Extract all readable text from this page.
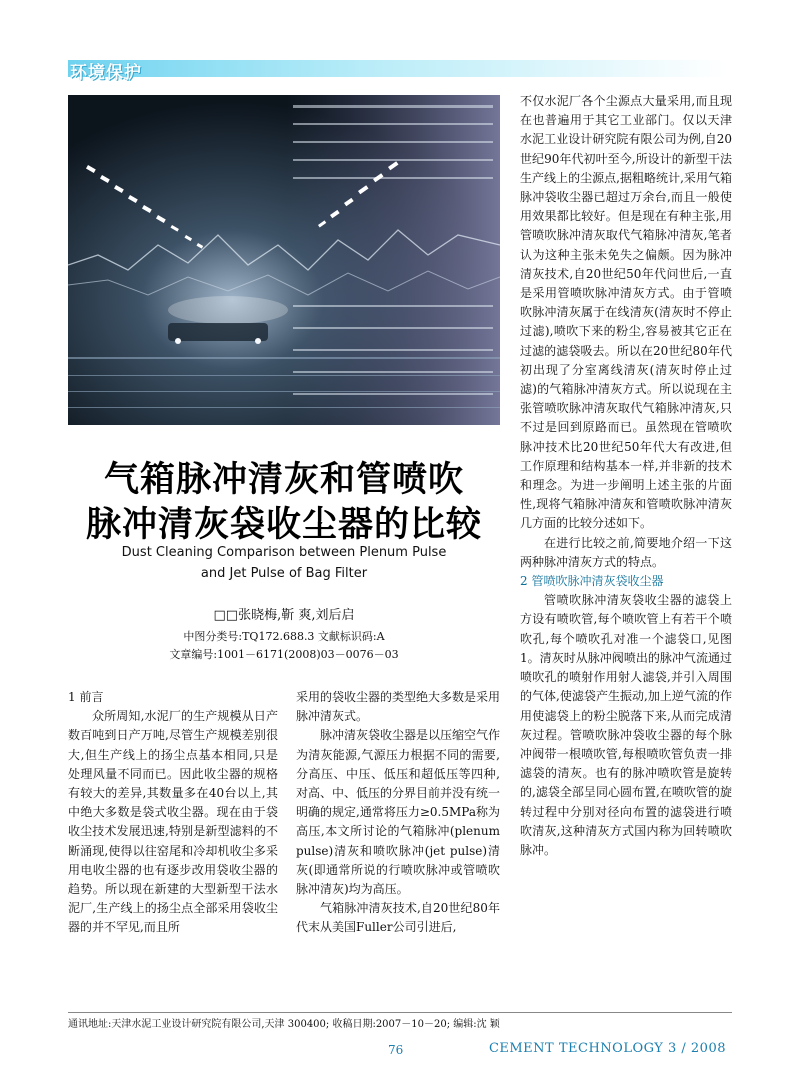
环境保护
气箱脉冲清灰和管喷吹
脉冲清灰袋收尘器的比较
Dust Cleaning Comparison between Plenum Pulse
and Jet Pulse of Bag Filter
□□张晓梅,靳 爽,刘后启
中图分类号:TQ172.688.3 文献标识码:A
文章编号:1001－6171(2008)03－0076－03

1 前言

众所周知,水泥厂的生产规模从日产数百吨到日产万吨,尽管生产规模差别很大,但生产线上的扬尘点基本相同,只是处理风量不同而已。因此收尘器的规格有较大的差异,其数量多在40台以上,其中绝大多数是袋式收尘器。现在由于袋收尘技术发展迅速,特别是新型滤料的不断涌现,使得以往窑尾和冷却机收尘多采用电收尘器的也有逐步改用袋收尘器的趋势。所以现在新建的大型新型干法水泥厂,生产线上的扬尘点全部采用袋收尘器的并不罕见,而且所

采用的袋收尘器的类型绝大多数是采用脉冲清灰式。

脉冲清灰袋收尘器是以压缩空气作为清灰能源,气源压力根据不同的需要,分高压、中压、低压和超低压等四种,对高、中、低压的分界目前并没有统一明确的规定,通常将压力≥0.5MPa称为高压,本文所讨论的气箱脉冲(plenum pulse)清灰和喷吹脉冲(jet pulse)清灰(即通常所说的行喷吹脉冲或管喷吹脉冲清灰)均为高压。

气箱脉冲清灰技术,自20世纪80年代末从美国Fuller公司引进后,

不仅水泥厂各个尘源点大量采用,而且现在也普遍用于其它工业部门。仅以天津水泥工业设计研究院有限公司为例,自20世纪90年代初叶至今,所设计的新型干法生产线上的尘源点,据粗略统计,采用气箱脉冲袋收尘器已超过万余台,而且一般使用效果都比较好。但是现在有种主张,用管喷吹脉冲清灰取代气箱脉冲清灰,笔者认为这种主张未免失之偏颇。因为脉冲清灰技术,自20世纪50年代问世后,一直是采用管喷吹脉冲清灰方式。由于管喷吹脉冲清灰属于在线清灰(清灰时不停止过滤),喷吹下来的粉尘,容易被其它正在过滤的滤袋吸去。所以在20世纪80年代初出现了分室离线清灰(清灰时停止过滤)的气箱脉冲清灰方式。所以说现在主张管喷吹脉冲清灰取代气箱脉冲清灰,只不过是回到原路而已。虽然现在管喷吹脉冲技术比20世纪50年代大有改进,但工作原理和结构基本一样,并非新的技术和理念。为进一步阐明上述主张的片面性,现将气箱脉冲清灰和管喷吹脉冲清灰几方面的比较分述如下。

在进行比较之前,简要地介绍一下这两种脉冲清灰方式的特点。

2 管喷吹脉冲清灰袋收尘器

管喷吹脉冲清灰袋收尘器的滤袋上方设有喷吹管,每个喷吹管上有若干个喷吹孔,每个喷吹孔对准一个滤袋口,见图1。清灰时从脉冲阀喷出的脉冲气流通过喷吹孔的喷射作用射人滤袋,并引入周围的气体,使滤袋产生振动,加上逆气流的作用使滤袋上的粉尘脱落下来,从而完成清灰过程。管喷吹脉冲袋收尘器的每个脉冲阀带一根喷吹管,每根喷吹管负责一排滤袋的清灰。也有的脉冲喷吹管是旋转的,滤袋全部呈同心圆布置,在喷吹管的旋转过程中分别对径向布置的滤袋进行喷吹清灰,这种清灰方式国内称为回转喷吹脉冲。

通讯地址:天津水泥工业设计研究院有限公司,天津 300400; 收稿日期:2007－10－20; 编辑:沈 颖
76	CEMENT TECHNOLOGY 3 / 2008
